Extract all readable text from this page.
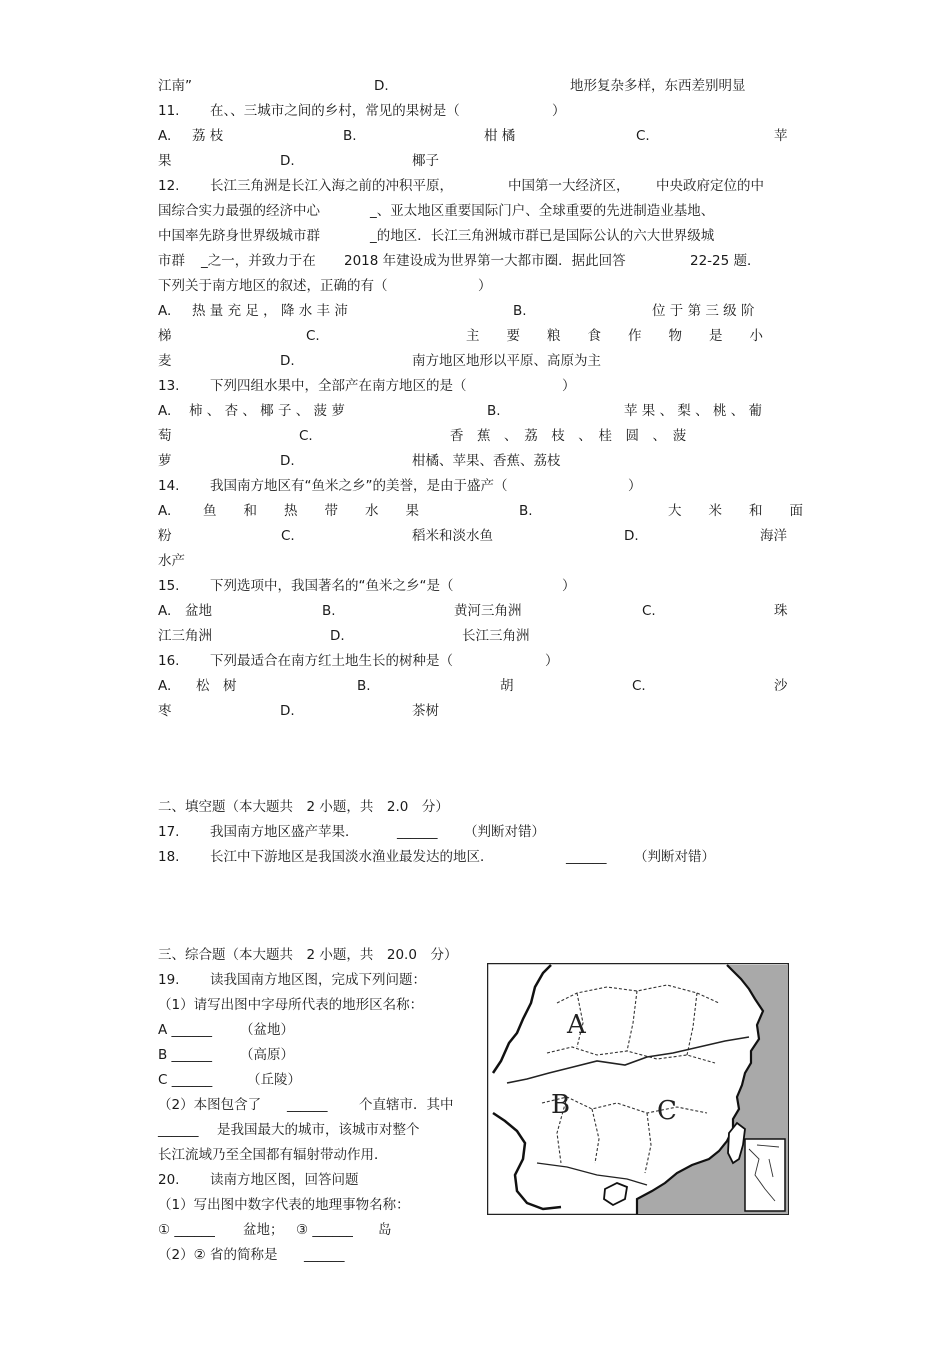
江南”	D.	地形复杂多样，东西差别明显
11. 在、、三城市之间的乡村，常见的果树是（	）
A. 荔 枝	B.	柑 橘	C.	苹
果	D.	椰子
12. 长江三角洲是长江入海之前的冲积平原，	中国第一大经济区， 中央政府定位的中
国综合实力最强的经济中心	_、亚太地区重要国际门户、全球重要的先进制造业基地、
中国率先跻身世界级城市群	_的地区．长江三角洲城市群已是国际公认的六大世界级城
市群 _之一，并致力于在 2018 年建设成为世界第一大都市圈．据此回答	22-25 题．
下列关于南方地区的叙述，正确的有（	）
A. 热 量 充 足 ， 降 水 丰 沛	B.	位 于 第 三 级 阶
梯	C.	主　　要　　粮　　食　　作　　物　　是　　小
麦	D.	南方地区地形以平原、高原为主
13. 下列四组水果中，全部产在南方地区的是（	）
A. 柿 、 杏 、 椰 子 、 菠 萝	B.	苹 果 、 梨 、 桃 、 葡
萄	C.	香　蕉　、　荔　枝　、　桂　圆　、　菠
萝	D.	柑橘、苹果、香蕉、荔枝
14. 我国南方地区有“鱼米之乡”的美誉，是由于盛产（	）
A. 鱼　　和　　热　　带　　水　　果	B.	大　　米　　和　　面
粉	C.	稻米和淡水鱼	D.	海洋
水产
15. 下列选项中，我国著名的“鱼米之乡“是（	）
A. 盆地	B.	黄河三角洲	C.	珠
江三角洲	D.	长江三角洲
16. 下列最适合在南方红土地生长的树种是（	）
A. 松　树	B.	胡	C.	沙
枣	D.	茶树
二、填空题（本大题共　2 小题，共　2.0　分）
17. 我国南方地区盛产苹果．	______ （判断对错）
18. 长江中下游地区是我国淡水渔业最发达的地区．	______ （判断对错）
三、综合题（本大题共　2 小题，共　20.0　分）
19. 读我国南方地区图，完成下列问题：
（1）请写出图中字母所代表的地形区名称：
A ______ （盆地）
B ______ （高原）
C ______	（丘陵）
（2）本图包含了 ______ 个直辖市．其中
______ 是我国最大的城市，该城市对整个
长江流域乃至全国都有辐射带动作用．
20. 读南方地区图，回答问题
（1）写出图中数字代表的地理事物名称：
① ______ 盆地； ③ ______ 岛
（2）② 省的简称是 ______
A
B	C
